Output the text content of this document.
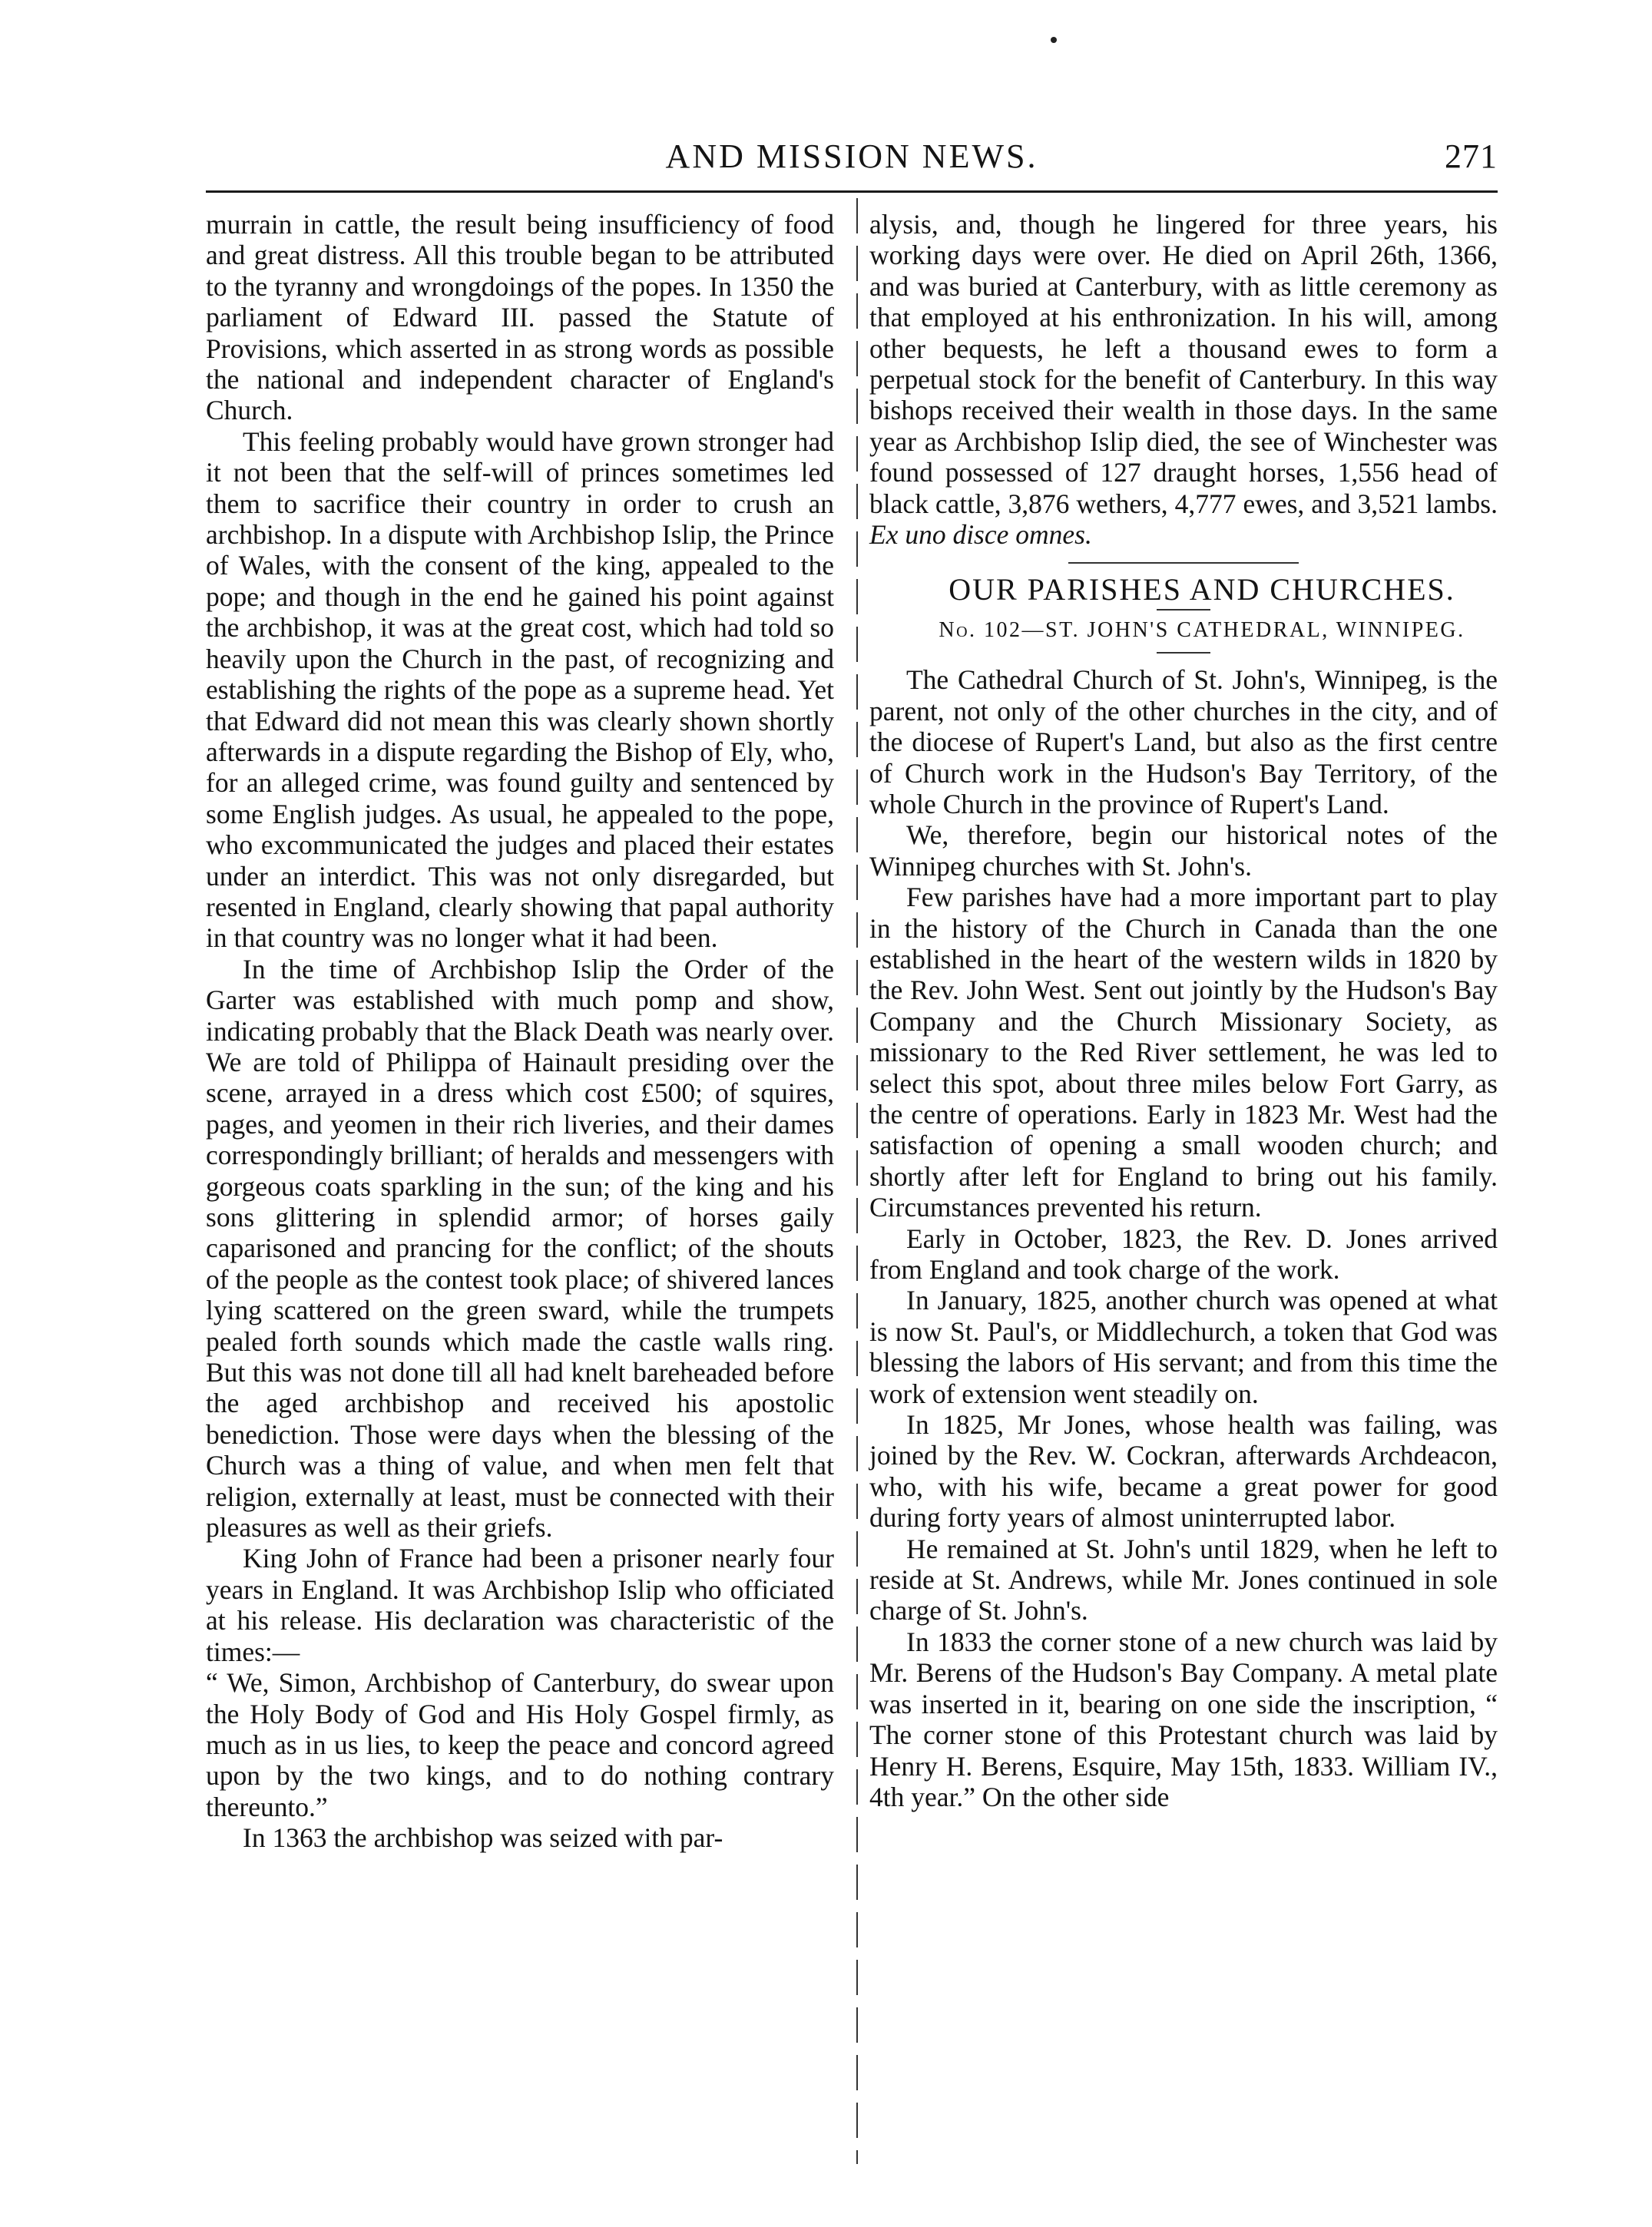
AND MISSION NEWS.	271

murrain in cattle, the result being insufficiency of food and great distress. All this trouble began to be attributed to the tyranny and wrongdoings of the popes. In 1350 the parliament of Edward III. passed the Statute of Provisions, which asserted in as strong words as possible the national and independent character of England's Church.

This feeling probably would have grown stronger had it not been that the self-will of princes sometimes led them to sacrifice their country in order to crush an archbishop. In a dispute with Archbishop Islip, the Prince of Wales, with the consent of the king, appealed to the pope; and though in the end he gained his point against the archbishop, it was at the great cost, which had told so heavily upon the Church in the past, of recognizing and establishing the rights of the pope as a supreme head. Yet that Edward did not mean this was clearly shown shortly afterwards in a dispute regarding the Bishop of Ely, who, for an alleged crime, was found guilty and sentenced by some English judges. As usual, he appealed to the pope, who excommunicated the judges and placed their estates under an interdict. This was not only disregarded, but resented in England, clearly showing that papal authority in that country was no longer what it had been.

In the time of Archbishop Islip the Order of the Garter was established with much pomp and show, indicating probably that the Black Death was nearly over. We are told of Philippa of Hainault presiding over the scene, arrayed in a dress which cost £500; of squires, pages, and yeomen in their rich liveries, and their dames correspondingly brilliant; of heralds and messengers with gorgeous coats sparkling in the sun; of the king and his sons glittering in splendid armor; of horses gaily caparisoned and prancing for the conflict; of the shouts of the people as the contest took place; of shivered lances lying scattered on the green sward, while the trumpets pealed forth sounds which made the castle walls ring. But this was not done till all had knelt bareheaded before the aged archbishop and received his apostolic benediction. Those were days when the blessing of the Church was a thing of value, and when men felt that religion, externally at least, must be connected with their pleasures as well as their griefs.

King John of France had been a prisoner nearly four years in England. It was Archbishop Islip who officiated at his release. His declaration was characteristic of the times:—

“ We, Simon, Archbishop of Canterbury, do swear upon the Holy Body of God and His Holy Gospel firmly, as much as in us lies, to keep the peace and concord agreed upon by the two kings, and to do nothing contrary thereunto.”

In 1363 the archbishop was seized with par-

alysis, and, though he lingered for three years, his working days were over. He died on April 26th, 1366, and was buried at Canterbury, with as little ceremony as that employed at his enthronization. In his will, among other bequests, he left a thousand ewes to form a perpetual stock for the benefit of Canterbury. In this way bishops received their wealth in those days. In the same year as Archbishop Islip died, the see of Winchester was found possessed of 127 draught horses, 1,556 head of black cattle, 3,876 wethers, 4,777 ewes, and 3,521 lambs. Ex uno disce omnes.

OUR PARISHES AND CHURCHES.

No. 102—ST. JOHN'S CATHEDRAL, WINNIPEG.

The Cathedral Church of St. John's, Winnipeg, is the parent, not only of the other churches in the city, and of the diocese of Rupert's Land, but also as the first centre of Church work in the Hudson's Bay Territory, of the whole Church in the province of Rupert's Land.

We, therefore, begin our historical notes of the Winnipeg churches with St. John's.

Few parishes have had a more important part to play in the history of the Church in Canada than the one established in the heart of the western wilds in 1820 by the Rev. John West. Sent out jointly by the Hudson's Bay Company and the Church Missionary Society, as missionary to the Red River settlement, he was led to select this spot, about three miles below Fort Garry, as the centre of operations. Early in 1823 Mr. West had the satisfaction of opening a small wooden church; and shortly after left for England to bring out his family. Circumstances prevented his return.

Early in October, 1823, the Rev. D. Jones arrived from England and took charge of the work.

In January, 1825, another church was opened at what is now St. Paul's, or Middlechurch, a token that God was blessing the labors of His servant; and from this time the work of extension went steadily on.

In 1825, Mr Jones, whose health was failing, was joined by the Rev. W. Cockran, afterwards Archdeacon, who, with his wife, became a great power for good during forty years of almost uninterrupted labor.

He remained at St. John's until 1829, when he left to reside at St. Andrews, while Mr. Jones continued in sole charge of St. John's.

In 1833 the corner stone of a new church was laid by Mr. Berens of the Hudson's Bay Company. A metal plate was inserted in it, bearing on one side the inscription, “ The corner stone of this Protestant church was laid by Henry H. Berens, Esquire, May 15th, 1833. William IV., 4th year.” On the other side
